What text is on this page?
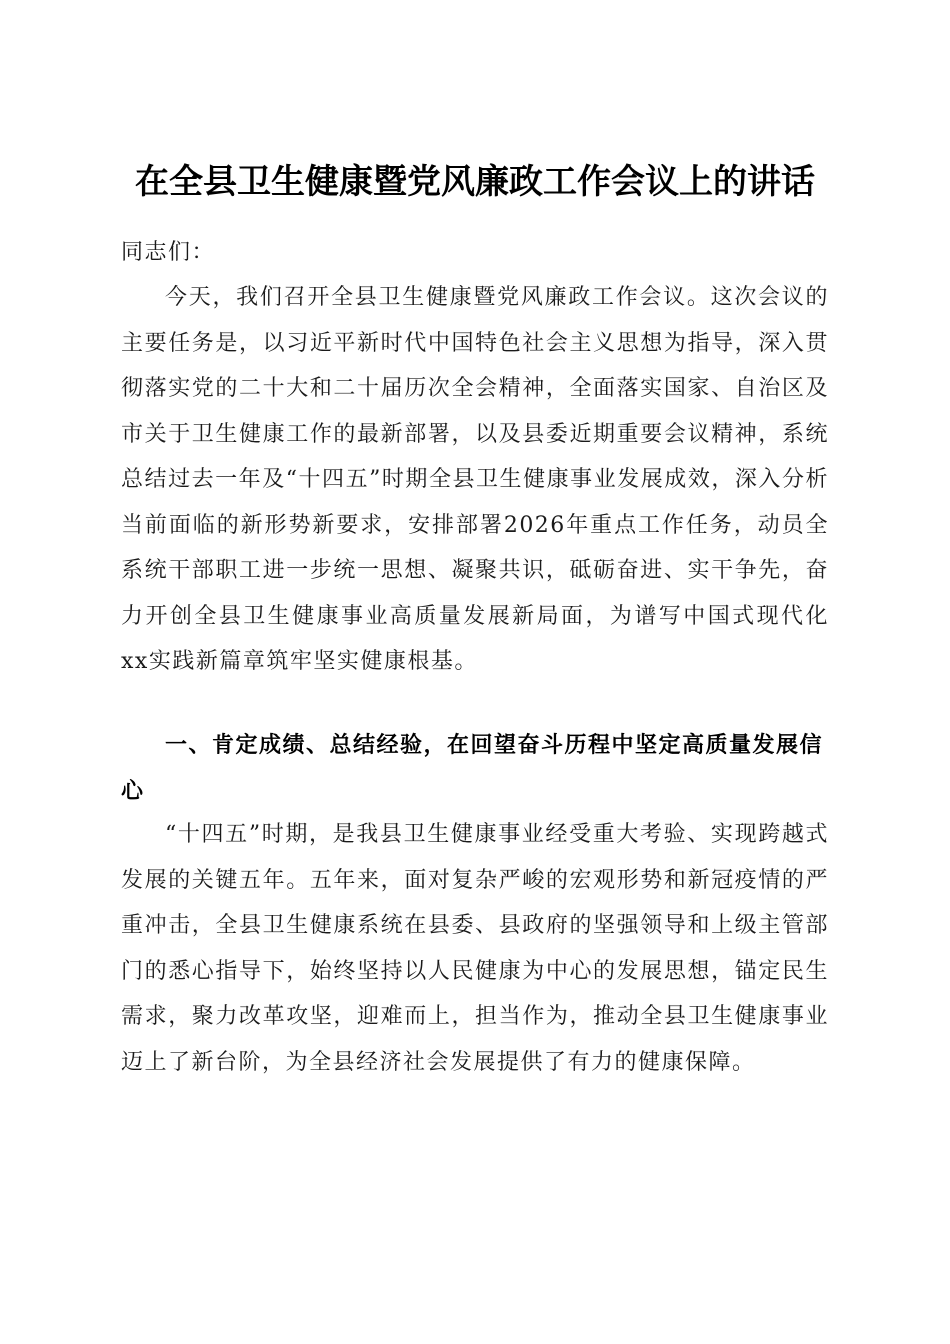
在全县卫生健康暨党风廉政工作会议上的讲话

同志们：

今天，我们召开全县卫生健康暨党风廉政工作会议。这次会议的主要任务是，以习近平新时代中国特色社会主义思想为指导，深入贯彻落实党的二十大和二十届历次全会精神，全面落实国家、自治区及市关于卫生健康工作的最新部署，以及县委近期重要会议精神，系统总结过去一年及“十四五”时期全县卫生健康事业发展成效，深入分析当前面临的新形势新要求，安排部署2026年重点工作任务，动员全系统干部职工进一步统一思想、凝聚共识，砥砺奋进、实干争先，奋力开创全县卫生健康事业高质量发展新局面，为谱写中国式现代化xx实践新篇章筑牢坚实健康根基。

一、肯定成绩、总结经验，在回望奋斗历程中坚定高质量发展信心

“十四五”时期，是我县卫生健康事业经受重大考验、实现跨越式发展的关键五年。五年来，面对复杂严峻的宏观形势和新冠疫情的严重冲击，全县卫生健康系统在县委、县政府的坚强领导和上级主管部门的悉心指导下，始终坚持以人民健康为中心的发展思想，锚定民生需求，聚力改革攻坚，迎难而上，担当作为，推动全县卫生健康事业迈上了新台阶，为全县经济社会发展提供了有力的健康保障。
